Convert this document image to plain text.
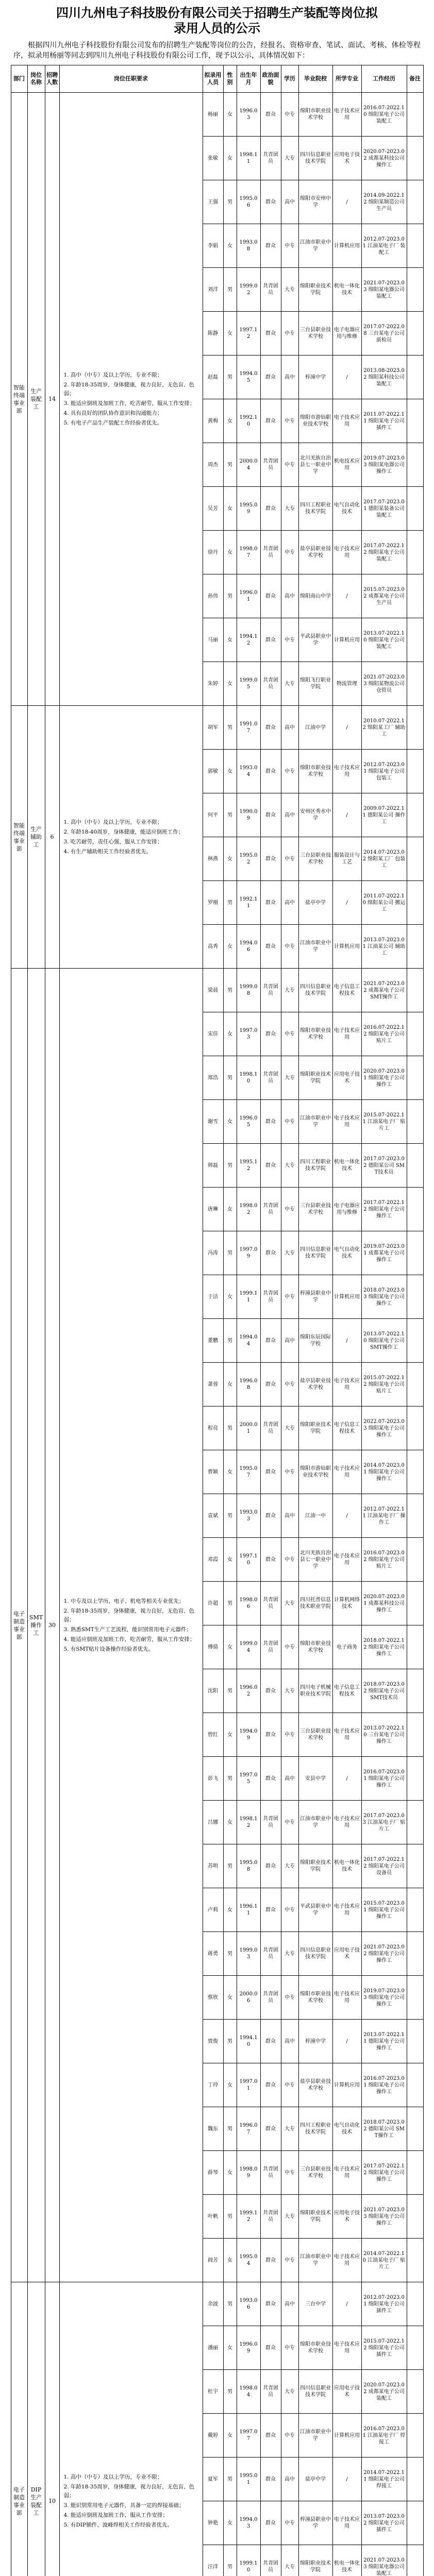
四川九州电子科技股份有限公司关于招聘生产装配等岗位拟录用人员的公示

根据四川九州电子科技股份有限公司发布的招聘生产装配等岗位的公告，经报名、资格审查、笔试、面试、考核、体检等程序，拟录用杨丽等同志到四川九州电子科技股份有限公司工作，现予以公示，具体情况如下：

部门	岗位名称	招聘人数	岗位任职要求	拟录用人员	性别	出生年月	政治面貌	学历	毕业院校	所学专业	工作经历	备注

智能终端事业部	生产装配工	14	1. 高中（中专）及以上学历，专业不限；
2. 年龄18-35周岁，身体健康，视力良好，无色盲、色弱；
3. 能适应倒班及加班工作，吃苦耐劳，服从工作安排；
4. 具有良好的团队协作意识和沟通能力；
5. 有电子产品生产装配工作经验者优先。	杨丽	女	1996.03	群众	中专	绵阳市职业技术学校	电子技术应用	2016.07-2022.10 绵阳某电子公司 装配工	

				张敏	女	1998.11	共青团员	大专	四川信息职业技术学院	应用电子技术	2020.07-2023.02 成都某科技公司 操作工	

				王强	男	1995.06	群众	高中	绵阳市安州中学	/	2014.09-2022.12 绵阳某制造公司 生产员	

				李娟	女	1993.08	群众	中专	江油市职业中学	计算机应用	2012.07-2023.01 江油某电子厂 装配工	

				刘洋	男	1999.02	共青团员	大专	绵阳职业技术学院	机电一体化技术	2021.07-2023.03 绵阳某电器公司 装配工	

				陈静	女	1997.12	群众	中专	三台县职业技术学校	电子电器应用与维修	2017.07-2022.08 三台某电子公司 质检员	

				赵磊	男	1994.05	群众	高中	梓潼中学	/	2013.08-2023.02 绵阳某科技公司 装配工	

				黄梅	女	1992.10	群众	中专	绵阳市游仙职业技术学校	电子技术应用	2011.07-2022.11 绵阳某电子公司 插件工	

				周杰	男	2000.04	共青团员	中专	北川羌族自治县七一职业中学	机电技术应用	2019.07-2023.03 绵阳某电器公司 操作工	

				吴芳	女	1995.09	群众	大专	四川工程职业技术学院	电气自动化技术	2017.07-2023.01 德阳某装备公司 装配工	

				徐丹	女	1998.07	共青团员	中专	盐亭县职业技术学校	电子技术应用	2017.07-2022.12 绵阳某电子公司 装配工	

				孙伟	男	1996.01	群众	高中	绵阳南山中学	/	2015.07-2023.02 成都某电子公司 生产员	

				马丽	女	1994.12	群众	中专	平武县职业中学	计算机应用	2013.07-2022.10 绵阳某电子公司 装配工	

				朱婷	女	1999.05	共青团员	大专	绵阳飞行职业学院	物流管理	2021.07-2023.03 绵阳某物流公司 仓管员	

智能终端事业部	生产辅助工	6	1. 高中（中专）及以上学历，专业不限；
2. 年龄18-40周岁，身体健康，能适应倒班工作；
3. 吃苦耐劳，责任心强，服从工作安排；
4. 有生产辅助相关工作经验者优先。	胡军	男	1991.07	群众	高中	江油中学	/	2010.07-2022.12 绵阳某工厂 辅助工	

				郭敏	女	1993.04	群众	中专	绵阳市职业技术学校	电子技术应用	2012.07-2023.01 绵阳某电子公司 包装工	

				何平	男	1990.09	群众	高中	安州区秀水中学	/	2009.07-2022.11 德阳某公司 操作工	

				林燕	女	1995.02	群众	中专	三台县职业技术学校	服装设计与工艺	2014.07-2023.02 绵阳某工厂 包装工	

				罗刚	男	1992.11	群众	高中	盐亭中学	/	2011.07-2022.10 绵阳某公司 搬运工	

				高秀	女	1994.06	群众	中专	江油市职业中学	计算机应用	2013.07-2023.01 江油某公司 辅助工	

电子制造事业部	SMT操作工	30	1. 中专及以上学历，电子、机电等相关专业优先；
2. 年龄18-35周岁，身体健康，视力良好，无色盲、色弱；
3. 熟悉SMT生产工艺流程，能识别常用电子元器件；
4. 能适应倒班及加班工作，吃苦耐劳，服从工作安排；
5. 有SMT贴片设备操作经验者优先。	梁晨	男	1999.08	共青团员	大专	四川信息职业技术学院	电子信息工程技术	2021.07-2023.02 成都某电子公司 SMT操作工	

				宋佳	女	1997.03	群众	中专	绵阳市职业技术学校	电子技术应用	2016.07-2022.12 绵阳某电子公司 贴片工	

				郑浩	男	1998.10	共青团员	大专	绵阳职业技术学院	应用电子技术	2020.07-2023.01 绵阳某电子公司 操作工	

				谢雪	女	1996.05	群众	中专	江油市职业中学	电子技术应用	2015.07-2022.11 江油某电子厂 贴片工	

				韩磊	男	1995.12	群众	大专	四川工程职业技术学院	机电一体化技术	2017.07-2023.02 德阳某公司 SMT技术员	

				唐琳	女	1998.02	共青团员	中专	三台县职业技术学校	电子电器应用与维修	2017.07-2022.12 绵阳某电子公司 操作工	

				冯涛	男	1997.09	群众	大专	四川信息职业技术学院	电气自动化技术	2019.07-2023.01 成都某电子公司 操作工	

				于洁	女	1999.11	共青团员	中专	梓潼县职业中学	计算机应用	2018.07-2023.03 绵阳某电子公司 操作工	

				董鹏	男	1994.04	群众	高中	绵阳东辰国际学校	/	2013.07-2022.10 绵阳某电子公司 SMT操作工	

				萧蓉	女	1996.08	群众	中专	盐亭县职业技术学校	电子技术应用	2015.07-2022.12 绵阳某电子公司 贴片工	

				程亮	男	2000.01	共青团员	大专	绵阳职业技术学院	电子信息工程技术	2022.07-2023.03 绵阳某电子公司 操作工	

				曹颖	女	1995.07	群众	中专	绵阳市游仙职业技术学校	电子技术应用	2014.07-2023.01 绵阳某电子公司 操作工	

				袁斌	男	1993.03	群众	高中	江油一中	/	2012.07-2022.11 江油某电子厂 操作工	

				邓霞	女	1997.10	群众	中专	北川羌族自治县七一职业中学	电子技术应用	2016.07-2023.02 绵阳某电子公司 贴片工	

				许超	男	1998.06	共青团员	大专	四川托普信息技术职业学院	计算机网络技术	2020.07-2023.01 成都某科技公司 操作工	

				傅倩	女	1999.04	共青团员	中专	绵阳市职业技术学校	电子商务	2018.07-2022.12 绵阳某电子公司 操作工	

				沈阳	男	1996.02	群众	大专	四川电子机械职业技术学院	电子信息工程技术	2018.07-2023.02 绵阳某电子公司 SMT技术员	

				曾红	女	1994.09	群众	中专	三台县职业技术学校	电子技术应用	2013.07-2022.10 三台某电子公司 操作工	

				彭飞	男	1997.05	群众	高中	安县中学	/	2016.07-2023.01 绵阳某电子公司 操作工	

				吕娜	女	1998.12	共青团员	中专	江油市职业中学	电子技术应用	2017.07-2023.03 江油某电子厂 贴片工	

				苏明	男	1995.08	群众	大专	绵阳职业技术学院	机电一体化技术	2017.07-2022.12 绵阳某电子公司 设备员	

				卢莉	女	1996.11	群众	中专	平武县职业中学	电子技术应用	2015.07-2023.01 绵阳某电子公司 操作工	

				蒋勇	男	1999.03	共青团员	大专	四川信息职业技术学院	应用电子技术	2021.07-2023.02 绵阳某电子公司 操作工	

				蔡欣	女	2000.06	共青团员	中专	绵阳市职业技术学校	电子技术应用	2019.07-2023.03 绵阳某电子公司 操作工	

				贾俊	男	1994.10	群众	高中	梓潼中学	/	2013.07-2022.11 德阳某电子公司 操作工	

				丁玲	女	1997.01	群众	中专	盐亭县职业技术学校	计算机应用	2016.07-2023.01 绵阳某电子公司 操作工	

				魏东	男	1996.07	群众	大专	四川工程职业技术学院	电气自动化技术	2018.07-2023.02 德阳某公司 SMT操作工	

				薛琴	女	1998.09	共青团员	中专	三台县职业技术学校	电子技术应用	2017.07-2022.12 绵阳某电子公司 操作工	

				叶帆	男	1999.12	共青团员	大专	绵阳职业技术学院	应用电子技术	2021.07-2023.03 绵阳某电子公司 操作工	

				阎芳	女	1995.04	群众	中专	江油市职业中学	电子技术应用	2014.07-2022.10 江油某电子厂 贴片工	

电子制造事业部	DIP生产装配工	10	1. 高中（中专）及以上学历，专业不限；
2. 年龄18-35周岁，身体健康，视力良好，无色盲、色弱；
3. 能识别常用电子元器件，具备一定的焊接基础；
4. 能适应倒班及加班工作，服从工作安排；
5. 有DIP插件、波峰焊相关工作经验者优先。	余波	男	1993.06	群众	高中	三台中学	/	2012.07-2023.01 绵阳某电子公司 插件工	

				潘丽	女	1996.09	群众	中专	绵阳市职业技术学校	电子技术应用	2015.07-2022.12 绵阳某电子公司 插件工	

				杜宇	男	1998.04	共青团员	大专	四川信息职业技术学院	应用电子技术	2020.07-2023.02 成都某电子公司 装配工	

				戴婷	女	1997.07	群众	中专	江油市职业中学	计算机应用	2016.07-2023.01 江油某电子厂 焊接工	

				夏军	男	1995.01	群众	高中	盐亭中学	/	2014.07-2022.11 绵阳某电子公司 焊接工	

				钟艳	女	1994.03	群众	中专	梓潼县职业中学	电子技术应用	2013.07-2023.02 绵阳某电子公司 插件工	

				汪洋	男	1999.10	共青团员	大专	绵阳职业技术学院	机电一体化技术	2021.07-2023.03 绵阳某电器公司 装配工	
